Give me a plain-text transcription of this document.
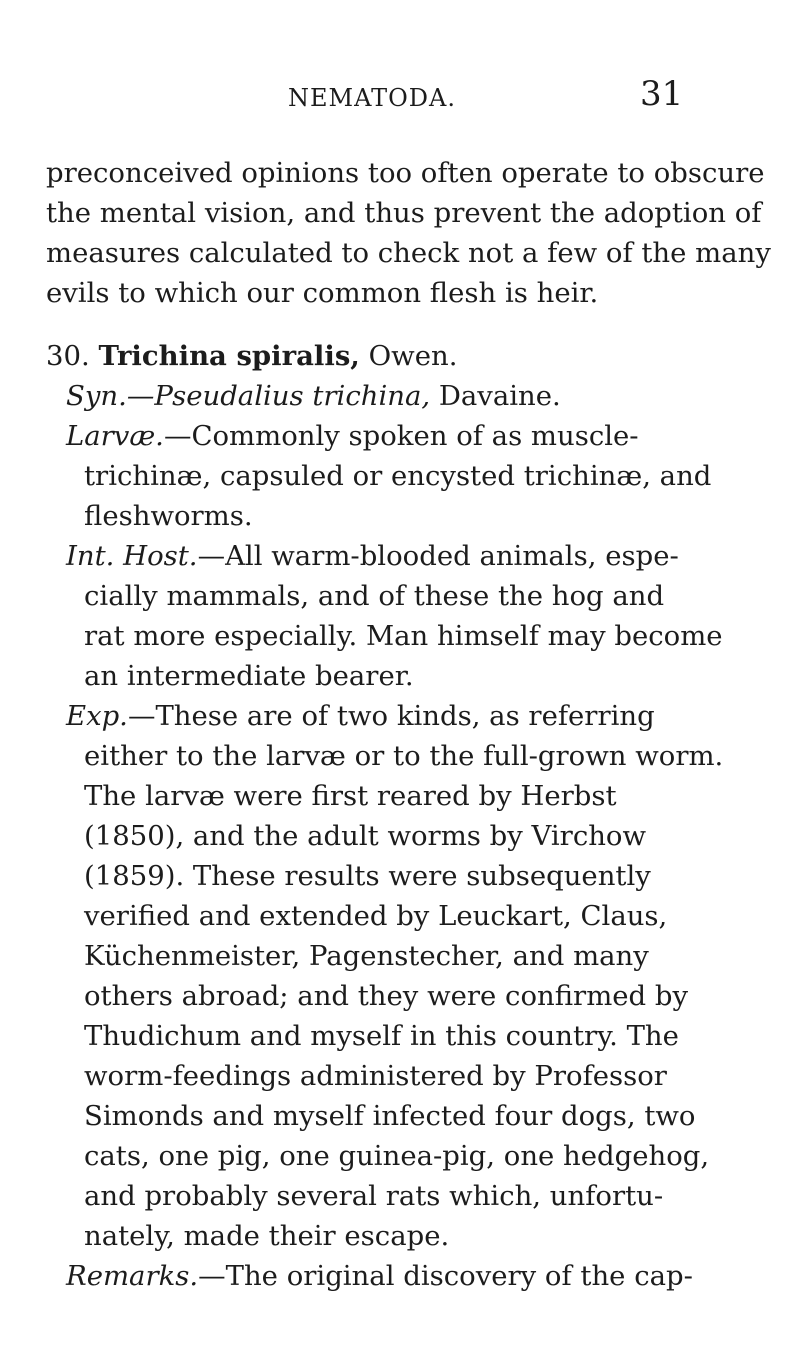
NEMATODA.	31
preconceived opinions too often operate to obscure
the mental vision, and thus prevent the adoption of
measures calculated to check not a few of the many
evils to which our common flesh is heir.
30. Trichina spiralis, Owen.
Syn.—Pseudalius trichina, Davaine.
Larvæ.—Commonly spoken of as muscle-
trichinæ, capsuled or encysted trichinæ, and
fleshworms.
Int. Host.—All warm-blooded animals, espe-
cially mammals, and of these the hog and
rat more especially. Man himself may become
an intermediate bearer.
Exp.—These are of two kinds, as referring
either to the larvæ or to the full-grown worm.
The larvæ were first reared by Herbst
(1850), and the adult worms by Virchow
(1859). These results were subsequently
verified and extended by Leuckart, Claus,
Küchenmeister, Pagenstecher, and many
others abroad; and they were confirmed by
Thudichum and myself in this country. The
worm-feedings administered by Professor
Simonds and myself infected four dogs, two
cats, one pig, one guinea-pig, one hedgehog,
and probably several rats which, unfortu-
nately, made their escape.
Remarks.—The original discovery of the cap-
